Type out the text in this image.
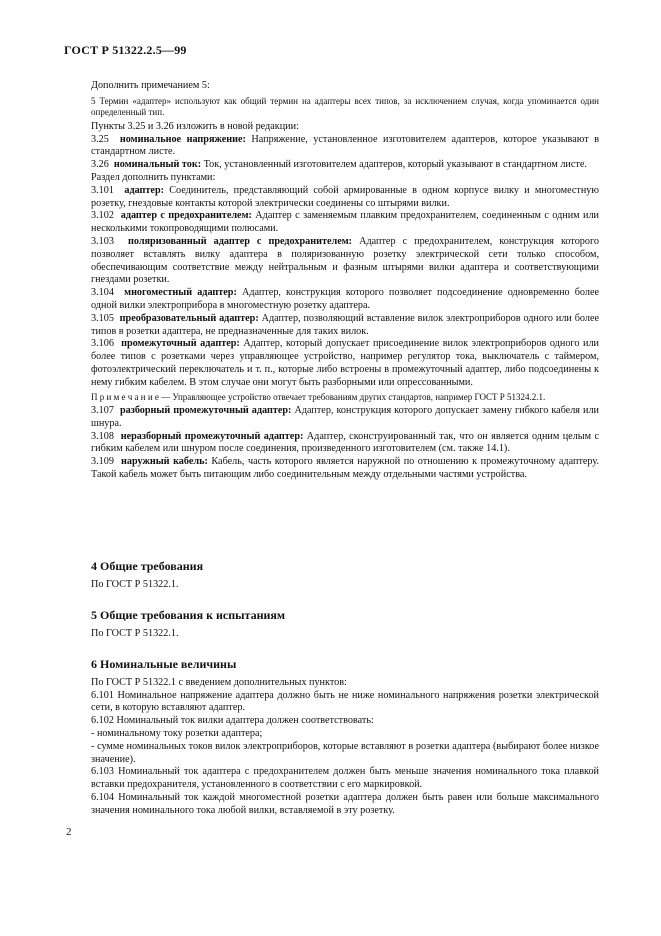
ГОСТ Р 51322.2.5—99

Дополнить примечанием 5:

5 Термин «адаптер» используют как общий термин на адаптеры всех типов, за исключением случая, когда упоминается один определенный тип.

Пункты 3.25 и 3.26 изложить в новой редакции:

3.25 номинальное напряжение: Напряжение, установленное изготовителем адаптеров, которое указывают в стандартном листе.

3.26 номинальный ток: Ток, установленный изготовителем адаптеров, который указывают в стандартном листе.

Раздел дополнить пунктами:

3.101 адаптер: Соединитель, представляющий собой армированные в одном корпусе вилку и многоместную розетку, гнездовые контакты которой электрически соединены со штырями вилки.

3.102 адаптер с предохранителем: Адаптер с заменяемым плавким предохранителем, соединенным с одним или несколькими токопроводящими полюсами.

3.103 поляризованный адаптер с предохранителем: Адаптер с предохранителем, конструкция которого позволяет вставлять вилку адаптера в поляризованную розетку электрической сети только способом, обеспечивающим соответствие между нейтральным и фазным штырями вилки адаптера и соответствующими гнездами розетки.

3.104 многоместный адаптер: Адаптер, конструкция которого позволяет подсоединение одновременно более одной вилки электроприбора в многоместную розетку адаптера.

3.105 преобразовательный адаптер: Адаптер, позволяющий вставление вилок электроприборов одного или более типов в розетки адаптера, не предназначенные для таких вилок.

3.106 промежуточный адаптер: Адаптер, который допускает присоединение вилок электроприборов одного или более типов с розетками через управляющее устройство, например регулятор тока, выключатель с таймером, фотоэлектрический переключатель и т. п., которые либо встроены в промежуточный адаптер, либо подсоединены к нему гибким кабелем. В этом случае они могут быть разборными или опрессованными.

П р и м е ч а н и е — Управляющее устройство отвечает требованиям других стандартов, например ГОСТ Р 51324.2.1.

3.107 разборный промежуточный адаптер: Адаптер, конструкция которого допускает замену гибкого кабеля или шнура.

3.108 неразборный промежуточный адаптер: Адаптер, сконструированный так, что он является одним целым с гибким кабелем или шнуром после соединения, произведенного изготовителем (см. также 14.1).

3.109 наружный кабель: Кабель, часть которого является наружной по отношению к промежуточному адаптеру. Такой кабель может быть питающим либо соединительным между отдельными частями устройства.

4 Общие требования

По ГОСТ Р 51322.1.

5 Общие требования к испытаниям

По ГОСТ Р 51322.1.

6 Номинальные величины

По ГОСТ Р 51322.1 с введением дополнительных пунктов:

6.101 Номинальное напряжение адаптера должно быть не ниже номинального напряжения розетки электрической сети, в которую вставляют адаптер.

6.102 Номинальный ток вилки адаптера должен соответствовать:

- номинальному току розетки адаптера;

- сумме номинальных токов вилок электроприборов, которые вставляют в розетки адаптера (выбирают более низкое значение).

6.103 Номинальный ток адаптера с предохранителем должен быть меньше значения номинального тока плавкой вставки предохранителя, установленного в соответствии с его маркировкой.

6.104 Номинальный ток каждой многоместной розетки адаптера должен быть равен или больше максимального значения номинального тока любой вилки, вставляемой в эту розетку.

2
